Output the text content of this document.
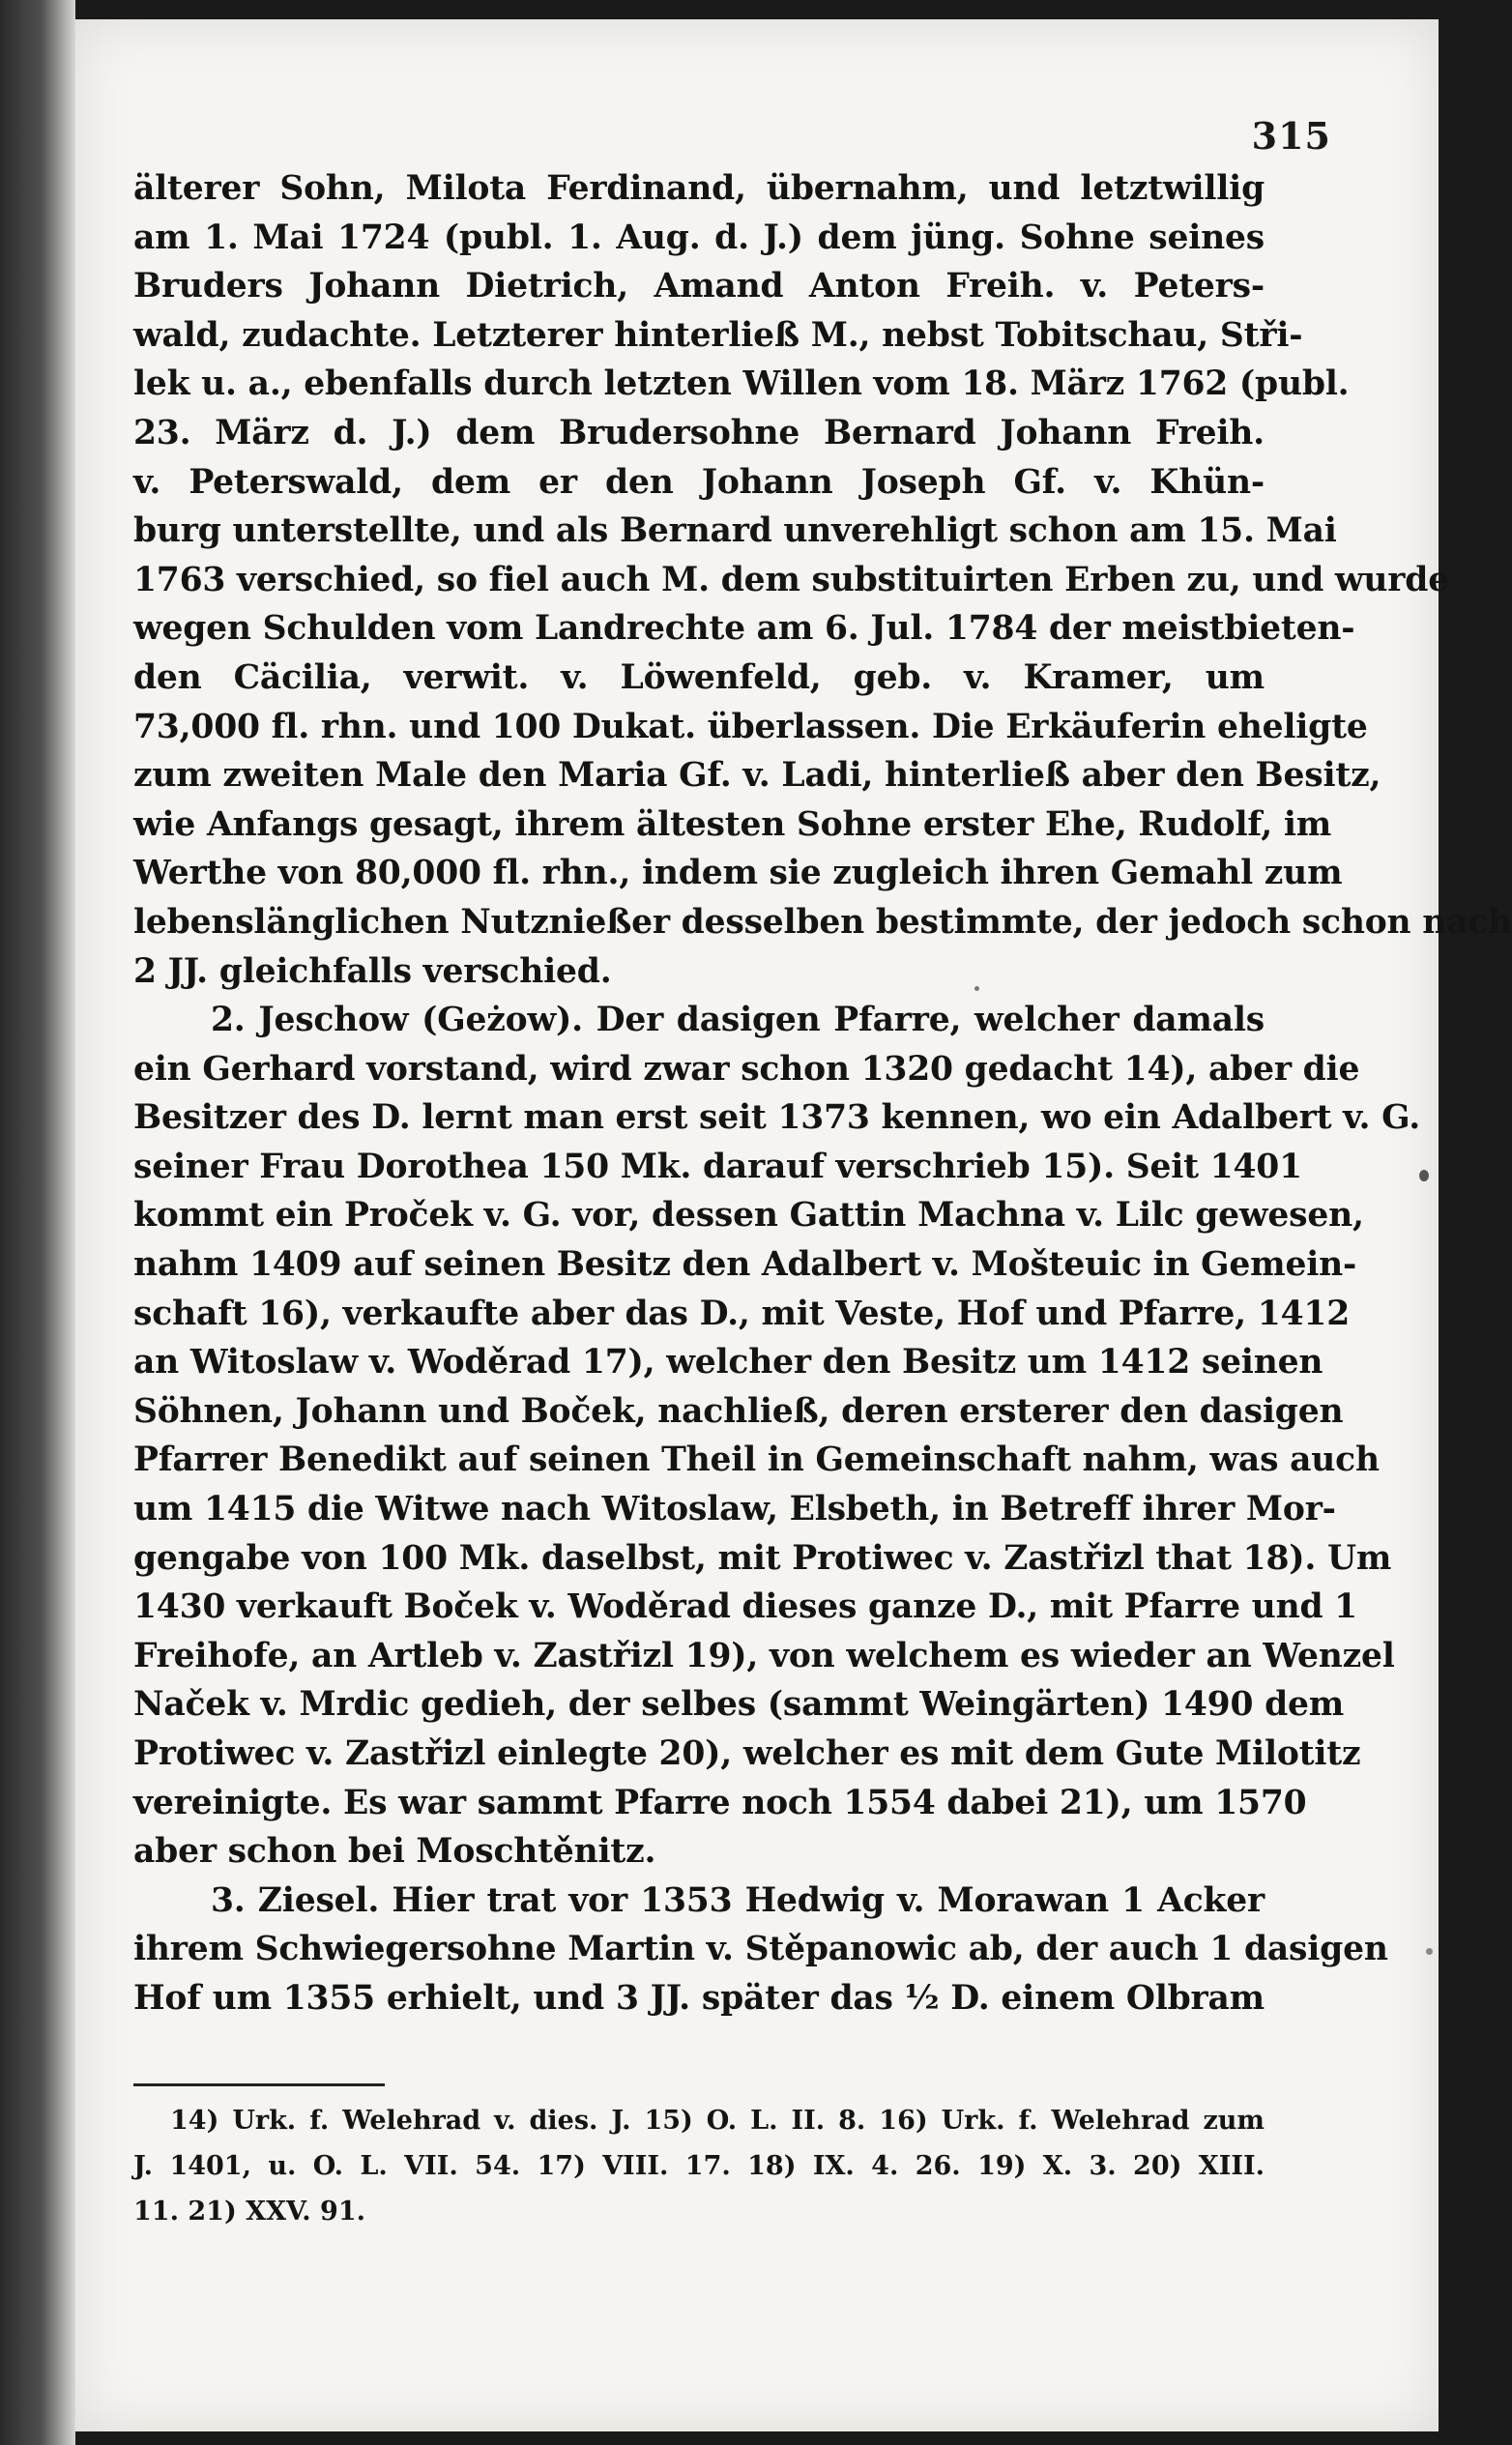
315
älterer Sohn, Milota Ferdinand, übernahm, und letztwillig
am 1. Mai 1724 (publ. 1. Aug. d. J.) dem jüng. Sohne seines
Bruders Johann Dietrich, Amand Anton Freih. v. Peters-
wald, zudachte. Letzterer hinterließ M., nebst Tobitschau, Stři-
lek u. a., ebenfalls durch letzten Willen vom 18. März 1762 (publ.
23. März d. J.) dem Brudersohne Bernard Johann Freih.
v. Peterswald, dem er den Johann Joseph Gf. v. Khün-
burg unterstellte, und als Bernard unverehligt schon am 15. Mai
1763 verschied, so fiel auch M. dem substituirten Erben zu, und wurde
wegen Schulden vom Landrechte am 6. Jul. 1784 der meistbieten-
den Cäcilia, verwit. v. Löwenfeld, geb. v. Kramer, um
73,000 fl. rhn. und 100 Dukat. überlassen. Die Erkäuferin eheligte
zum zweiten Male den Maria Gf. v. Ladi, hinterließ aber den Besitz,
wie Anfangs gesagt, ihrem ältesten Sohne erster Ehe, Rudolf, im
Werthe von 80,000 fl. rhn., indem sie zugleich ihren Gemahl zum
lebenslänglichen Nutznießer desselben bestimmte, der jedoch schon nach
2 JJ. gleichfalls verschied.
2. Jeschow (Geżow). Der dasigen Pfarre, welcher damals
ein Gerhard vorstand, wird zwar schon 1320 gedacht 14), aber die
Besitzer des D. lernt man erst seit 1373 kennen, wo ein Adalbert v. G.
seiner Frau Dorothea 150 Mk. darauf verschrieb 15). Seit 1401
kommt ein Proček v. G. vor, dessen Gattin Machna v. Lilc gewesen,
nahm 1409 auf seinen Besitz den Adalbert v. Mošteuic in Gemein-
schaft 16), verkaufte aber das D., mit Veste, Hof und Pfarre, 1412
an Witoslaw v. Woděrad 17), welcher den Besitz um 1412 seinen
Söhnen, Johann und Boček, nachließ, deren ersterer den dasigen
Pfarrer Benedikt auf seinen Theil in Gemeinschaft nahm, was auch
um 1415 die Witwe nach Witoslaw, Elsbeth, in Betreff ihrer Mor-
gengabe von 100 Mk. daselbst, mit Protiwec v. Zastřizl that 18). Um
1430 verkauft Boček v. Woděrad dieses ganze D., mit Pfarre und 1
Freihofe, an Artleb v. Zastřizl 19), von welchem es wieder an Wenzel
Naček v. Mrdic gedieh, der selbes (sammt Weingärten) 1490 dem
Protiwec v. Zastřizl einlegte 20), welcher es mit dem Gute Milotitz
vereinigte. Es war sammt Pfarre noch 1554 dabei 21), um 1570
aber schon bei Moschtěnitz.
3. Ziesel. Hier trat vor 1353 Hedwig v. Morawan 1 Acker
ihrem Schwiegersohne Martin v. Stěpanowic ab, der auch 1 dasigen
Hof um 1355 erhielt, und 3 JJ. später das ½ D. einem Olbram
14) Urk. f. Welehrad v. dies. J. 15) O. L. II. 8. 16) Urk. f. Welehrad zum
J. 1401, u. O. L. VII. 54. 17) VIII. 17. 18) IX. 4. 26. 19) X. 3. 20) XIII.
11. 21) XXV. 91.
